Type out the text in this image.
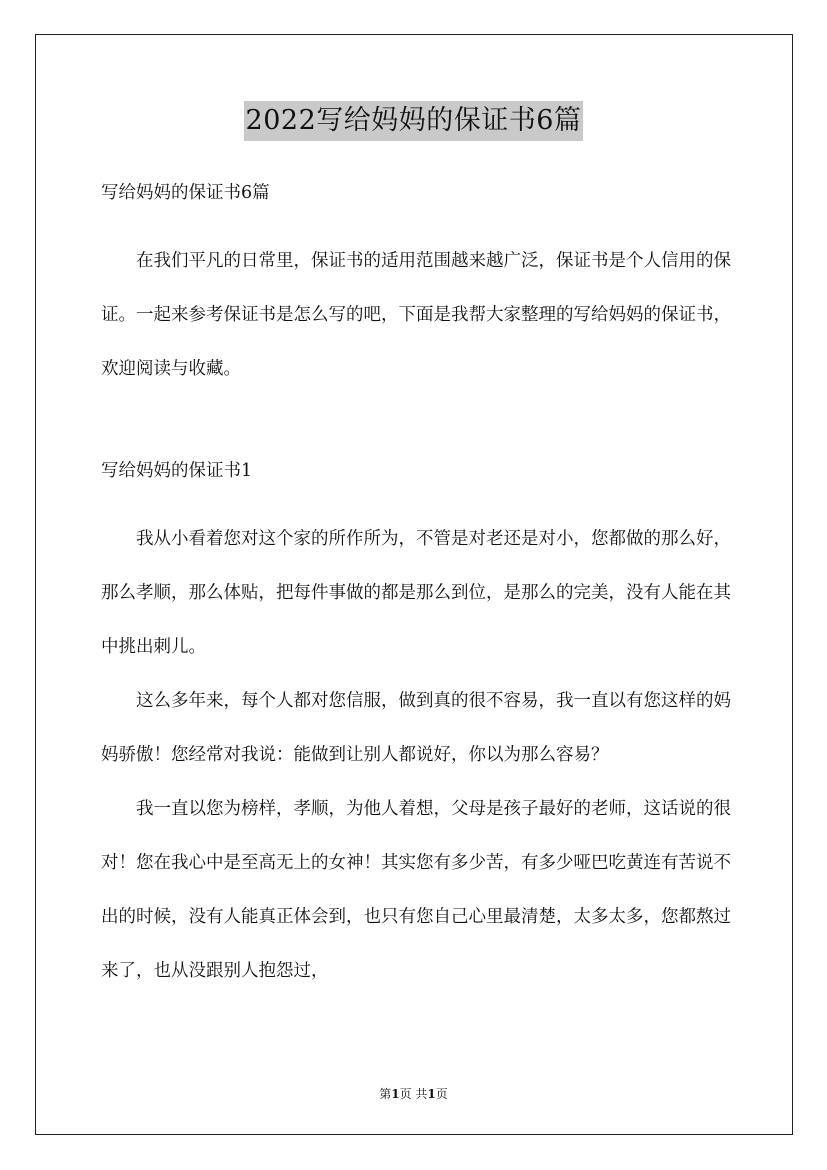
2022写给妈妈的保证书6篇

写给妈妈的保证书6篇

在我们平凡的日常里，保证书的适用范围越来越广泛，保证书是个人信用的保证。一起来参考保证书是怎么写的吧，下面是我帮大家整理的写给妈妈的保证书，欢迎阅读与收藏。

写给妈妈的保证书1

我从小看着您对这个家的所作所为，不管是对老还是对小，您都做的那么好，那么孝顺，那么体贴，把每件事做的都是那么到位，是那么的完美，没有人能在其中挑出刺儿。

这么多年来，每个人都对您信服，做到真的很不容易，我一直以有您这样的妈妈骄傲！您经常对我说：能做到让别人都说好，你以为那么容易？

我一直以您为榜样，孝顺，为他人着想，父母是孩子最好的老师，这话说的很对！您在我心中是至高无上的女神！其实您有多少苦，有多少哑巴吃黄连有苦说不出的时候，没有人能真正体会到，也只有您自己心里最清楚，太多太多，您都熬过来了，也从没跟别人抱怨过，

第1页 共1页
